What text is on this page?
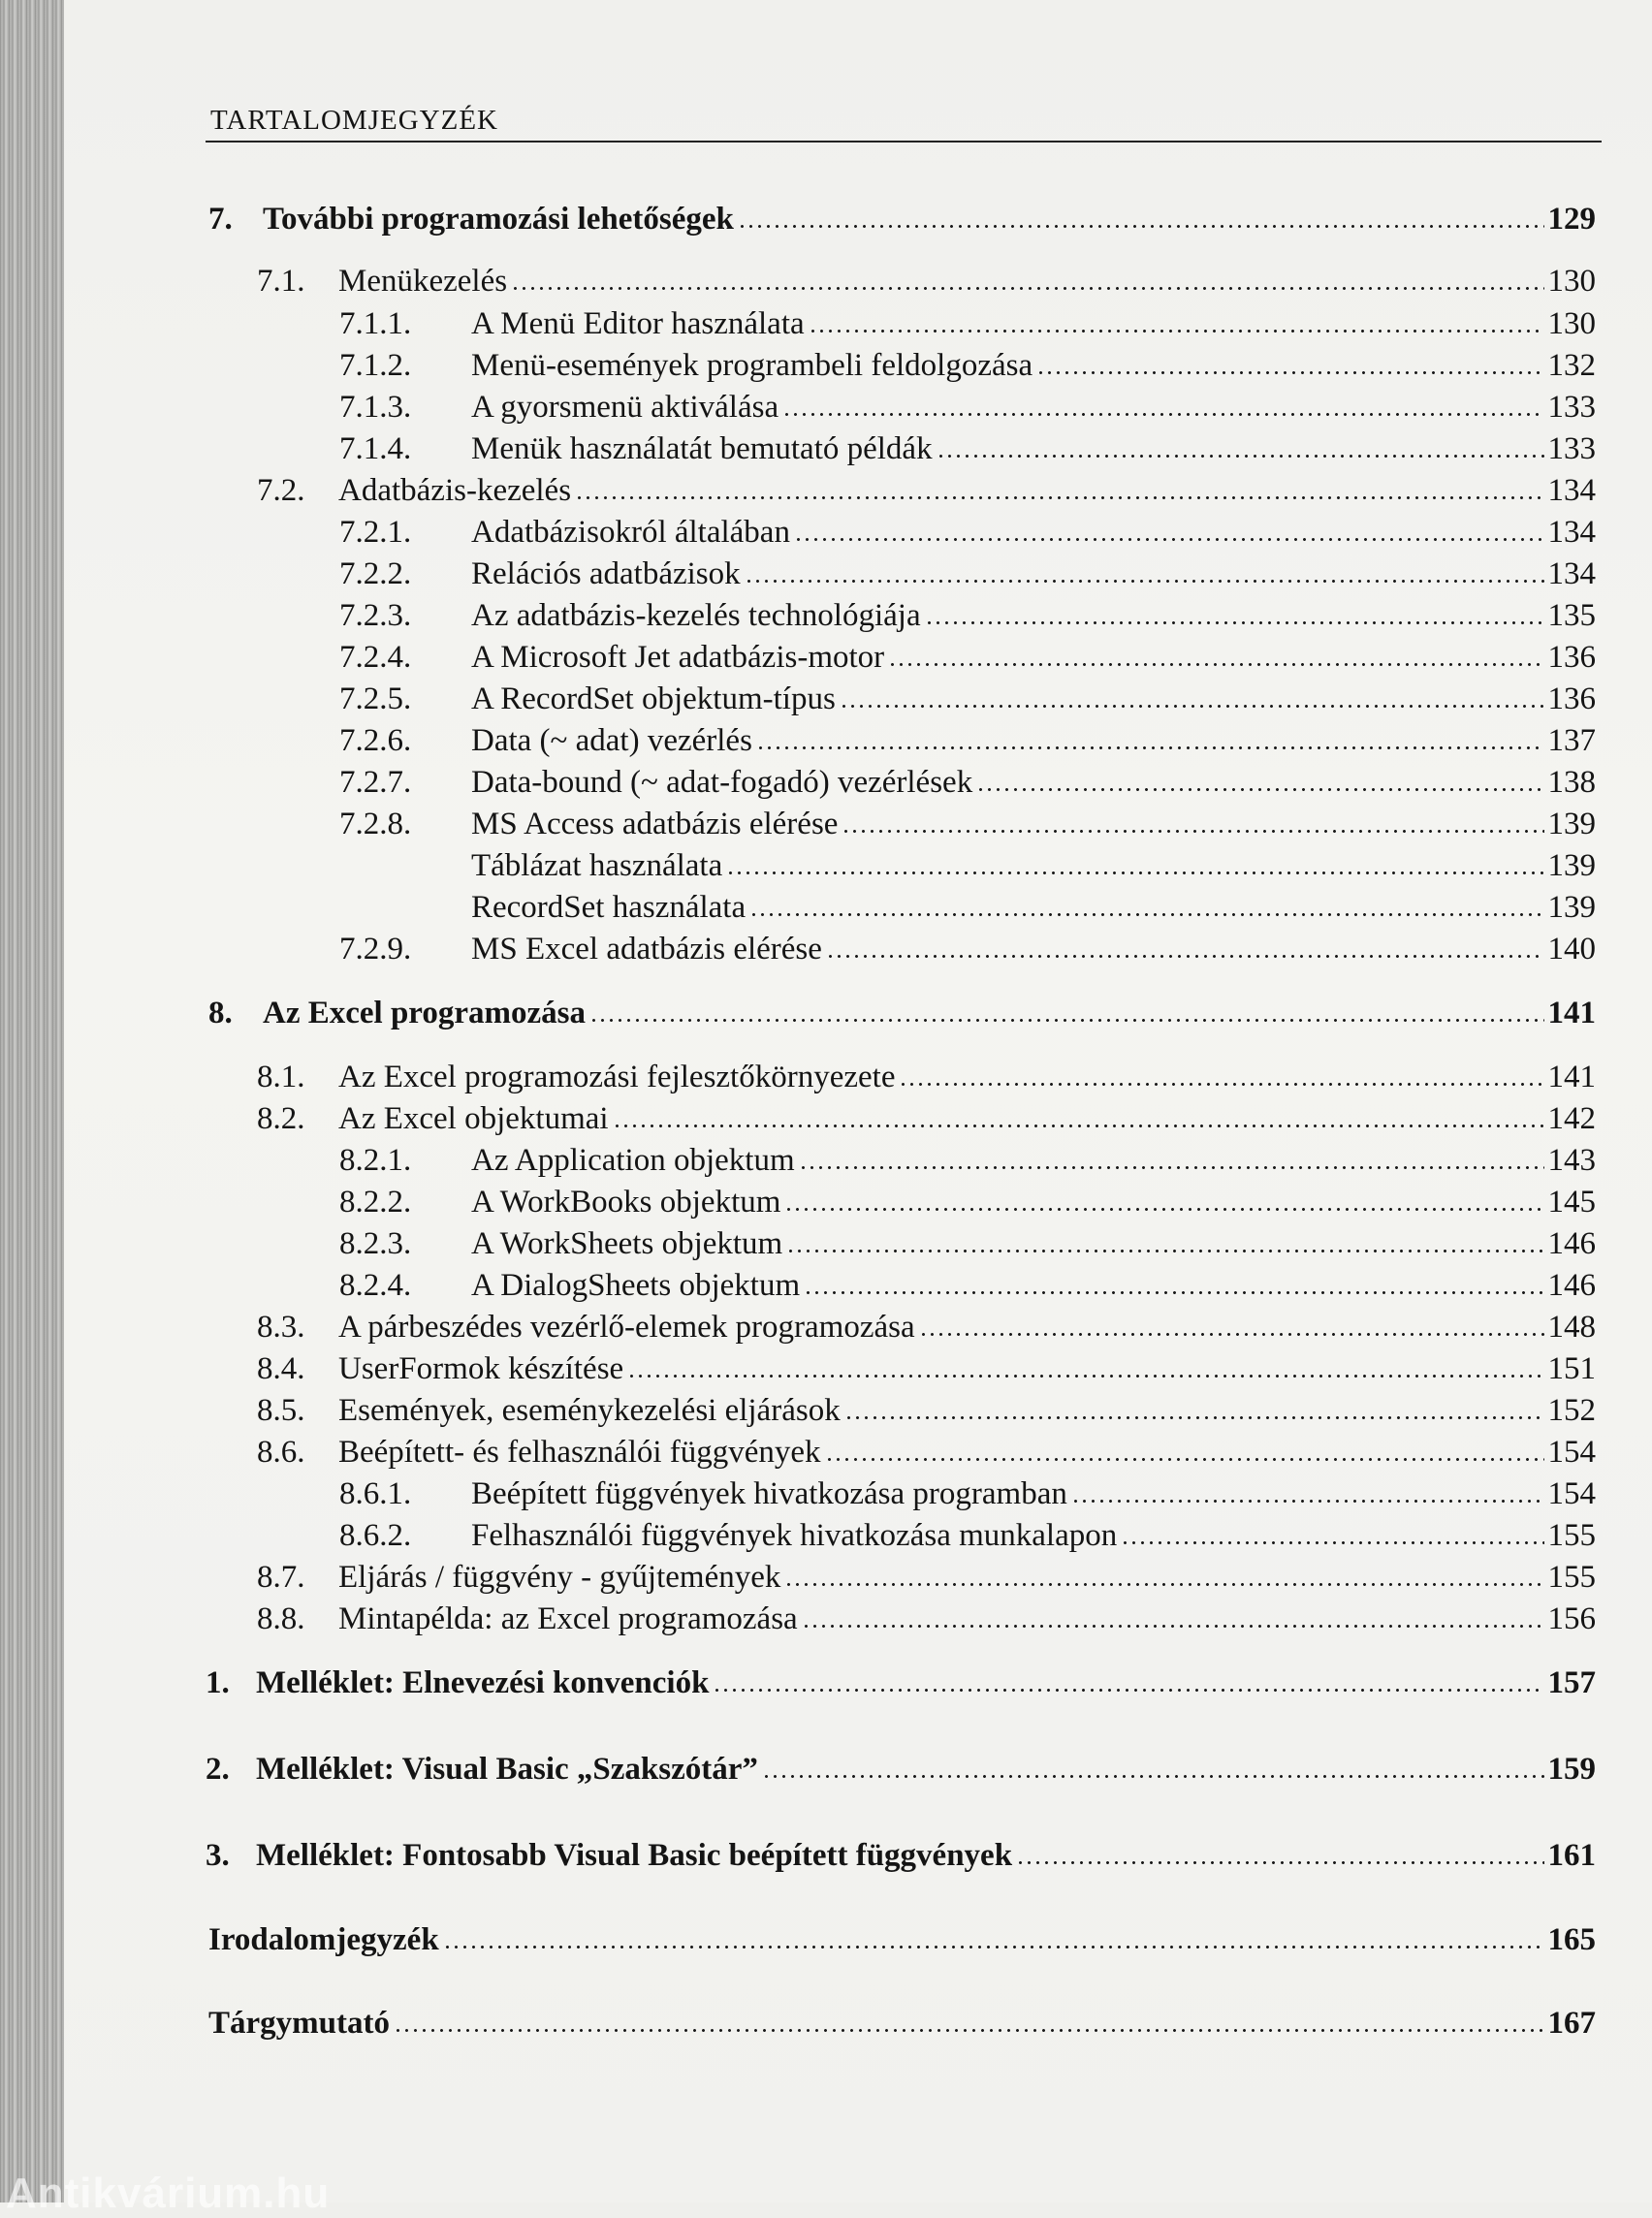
TARTALOMJEGYZÉK
7. További programozási lehetőségek	129
7.1.	Menükezelés	130
7.1.1.	A Menü Editor használata	130
7.1.2.	Menü-események programbeli feldolgozása	132
7.1.3.	A gyorsmenü aktiválása	133
7.1.4.	Menük használatát bemutató példák	133
7.2.	Adatbázis-kezelés	134
7.2.1.	Adatbázisokról általában	134
7.2.2.	Relációs adatbázisok	134
7.2.3.	Az adatbázis-kezelés technológiája	135
7.2.4.	A Microsoft Jet adatbázis-motor	136
7.2.5.	A RecordSet objektum-típus	136
7.2.6.	Data (~ adat) vezérlés	137
7.2.7.	Data-bound (~ adat-fogadó) vezérlések	138
7.2.8.	MS Access adatbázis elérése	139
Táblázat használata	139
RecordSet használata	139
7.2.9.	MS Excel adatbázis elérése	140
8. Az Excel programozása	141
8.1.	Az Excel programozási fejlesztőkörnyezete	141
8.2.	Az Excel objektumai	142
8.2.1.	Az Application objektum	143
8.2.2.	A WorkBooks objektum	145
8.2.3.	A WorkSheets objektum	146
8.2.4.	A DialogSheets objektum	146
8.3.	A párbeszédes vezérlő-elemek programozása	148
8.4.	UserFormok készítése	151
8.5.	Események, eseménykezelési eljárások	152
8.6.	Beépített- és felhasználói függvények	154
8.6.1.	Beépített függvények hivatkozása programban	154
8.6.2.	Felhasználói függvények hivatkozása munkalapon	155
8.7.	Eljárás / függvény - gyűjtemények	155
8.8.	Mintapélda: az Excel programozása	156
1. Melléklet: Elnevezési konvenciók	157
2. Melléklet: Visual Basic „Szakszótár”	159
3. Melléklet: Fontosabb Visual Basic beépített függvények	161
Irodalomjegyzék	165
Tárgymutató	167
Antikvárium.hu
